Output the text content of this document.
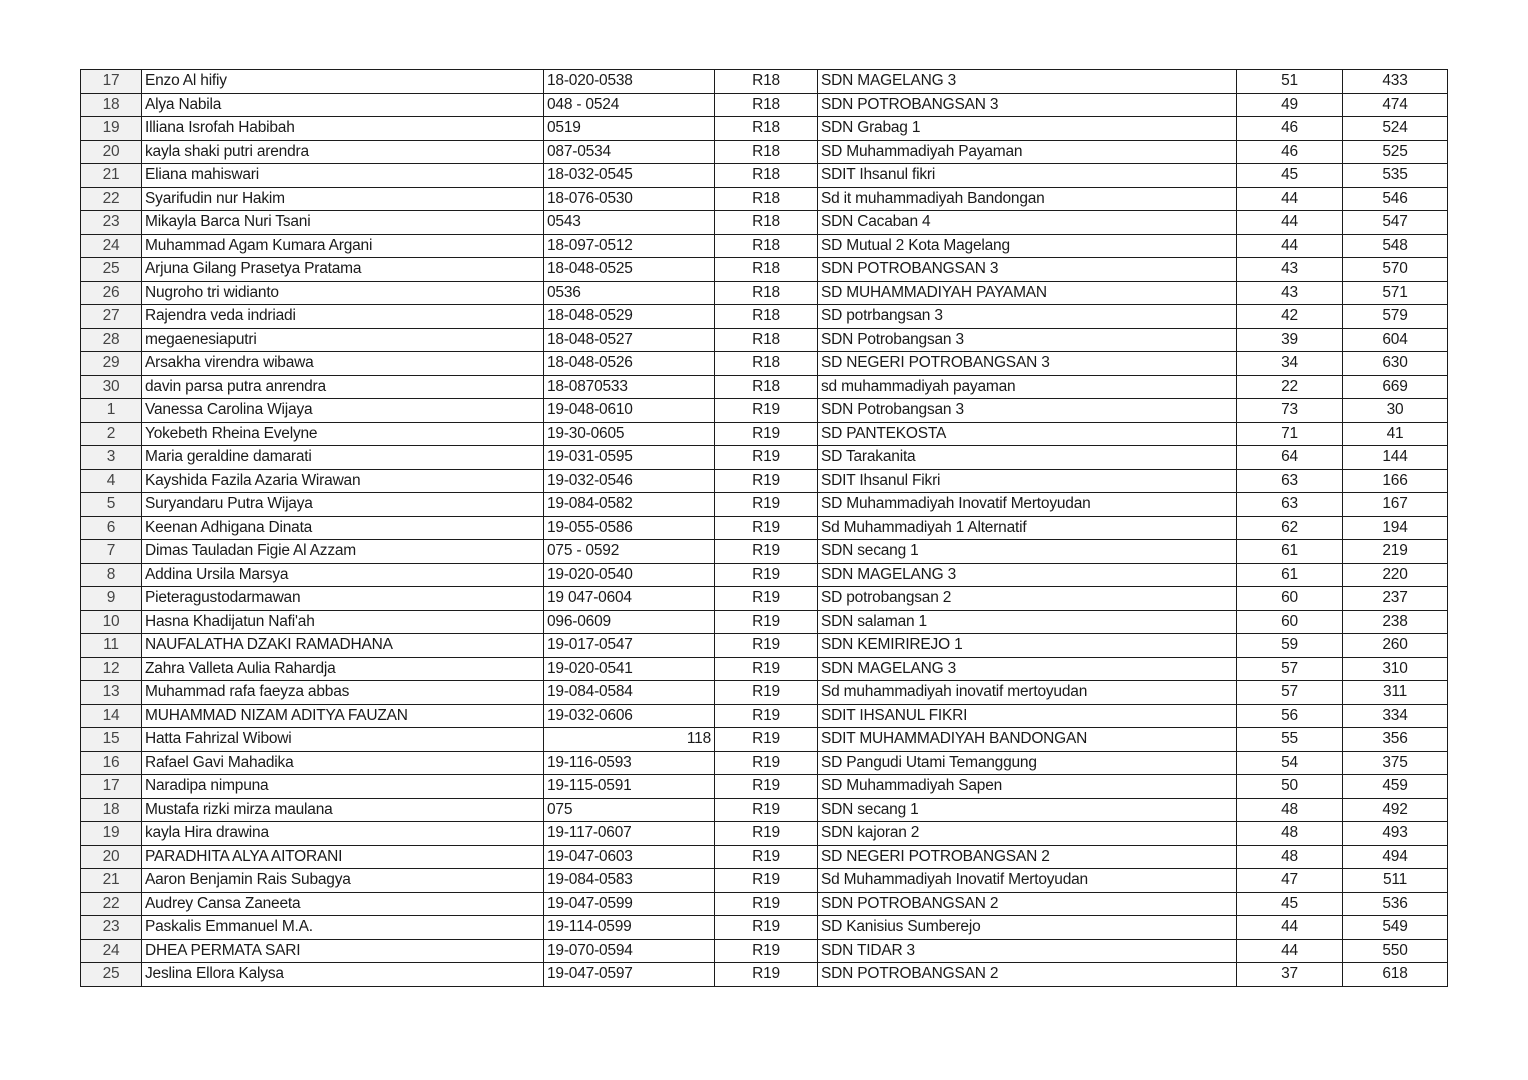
17	Enzo Al hifiy	18-020-0538	R18	SDN MAGELANG 3	51	433
18	Alya Nabila	048 - 0524	R18	SDN POTROBANGSAN 3	49	474
19	Illiana Isrofah Habibah	0519	R18	SDN Grabag 1	46	524
20	kayla shaki putri arendra	087-0534	R18	SD Muhammadiyah Payaman	46	525
21	Eliana mahiswari	18-032-0545	R18	SDIT Ihsanul fikri	45	535
22	Syarifudin nur Hakim	18-076-0530	R18	Sd it muhammadiyah Bandongan	44	546
23	Mikayla Barca Nuri Tsani	0543	R18	SDN Cacaban 4	44	547
24	Muhammad Agam Kumara Argani	18-097-0512	R18	SD Mutual 2 Kota Magelang	44	548
25	Arjuna Gilang Prasetya Pratama	18-048-0525	R18	SDN POTROBANGSAN 3	43	570
26	Nugroho tri widianto	0536	R18	SD MUHAMMADIYAH PAYAMAN	43	571
27	Rajendra veda indriadi	18-048-0529	R18	SD potrbangsan 3	42	579
28	megaenesiaputri	18-048-0527	R18	SDN Potrobangsan 3	39	604
29	Arsakha virendra wibawa	18-048-0526	R18	SD NEGERI POTROBANGSAN 3	34	630
30	davin parsa putra anrendra	18-0870533	R18	sd muhammadiyah payaman	22	669
1	Vanessa Carolina Wijaya	19-048-0610	R19	SDN Potrobangsan 3	73	30
2	Yokebeth Rheina Evelyne	19-30-0605	R19	SD PANTEKOSTA	71	41
3	Maria geraldine damarati	19-031-0595	R19	SD Tarakanita	64	144
4	Kayshida Fazila Azaria Wirawan	19-032-0546	R19	SDIT Ihsanul Fikri	63	166
5	Suryandaru Putra Wijaya	19-084-0582	R19	SD Muhammadiyah Inovatif Mertoyudan	63	167
6	Keenan Adhigana Dinata	19-055-0586	R19	Sd Muhammadiyah 1 Alternatif	62	194
7	Dimas Tauladan Figie Al Azzam	075 - 0592	R19	SDN secang 1	61	219
8	Addina Ursila Marsya	19-020-0540	R19	SDN MAGELANG 3	61	220
9	Pieteragustodarmawan	19 047-0604	R19	SD potrobangsan 2	60	237
10	Hasna Khadijatun Nafi'ah	096-0609	R19	SDN salaman 1	60	238
11	NAUFALATHA DZAKI RAMADHANA	19-017-0547	R19	SDN KEMIRIREJO 1	59	260
12	Zahra Valleta Aulia Rahardja	19-020-0541	R19	SDN MAGELANG 3	57	310
13	Muhammad rafa faeyza abbas	19-084-0584	R19	Sd muhammadiyah inovatif mertoyudan	57	311
14	MUHAMMAD NIZAM ADITYA FAUZAN	19-032-0606	R19	SDIT IHSANUL FIKRI	56	334
15	Hatta Fahrizal Wibowi	118	R19	SDIT MUHAMMADIYAH BANDONGAN	55	356
16	Rafael Gavi Mahadika	19-116-0593	R19	SD Pangudi Utami Temanggung	54	375
17	Naradipa nimpuna	19-115-0591	R19	SD Muhammadiyah Sapen	50	459
18	Mustafa rizki mirza maulana	075	R19	SDN secang 1	48	492
19	kayla Hira drawina	19-117-0607	R19	SDN kajoran 2	48	493
20	PARADHITA ALYA AITORANI	19-047-0603	R19	SD NEGERI POTROBANGSAN 2	48	494
21	Aaron Benjamin Rais Subagya	19-084-0583	R19	Sd Muhammadiyah Inovatif Mertoyudan	47	511
22	Audrey Cansa Zaneeta	19-047-0599	R19	SDN POTROBANGSAN 2	45	536
23	Paskalis Emmanuel M.A.	19-114-0599	R19	SD Kanisius Sumberejo	44	549
24	DHEA PERMATA SARI	19-070-0594	R19	SDN TIDAR 3	44	550
25	Jeslina Ellora Kalysa	19-047-0597	R19	SDN POTROBANGSAN 2	37	618
